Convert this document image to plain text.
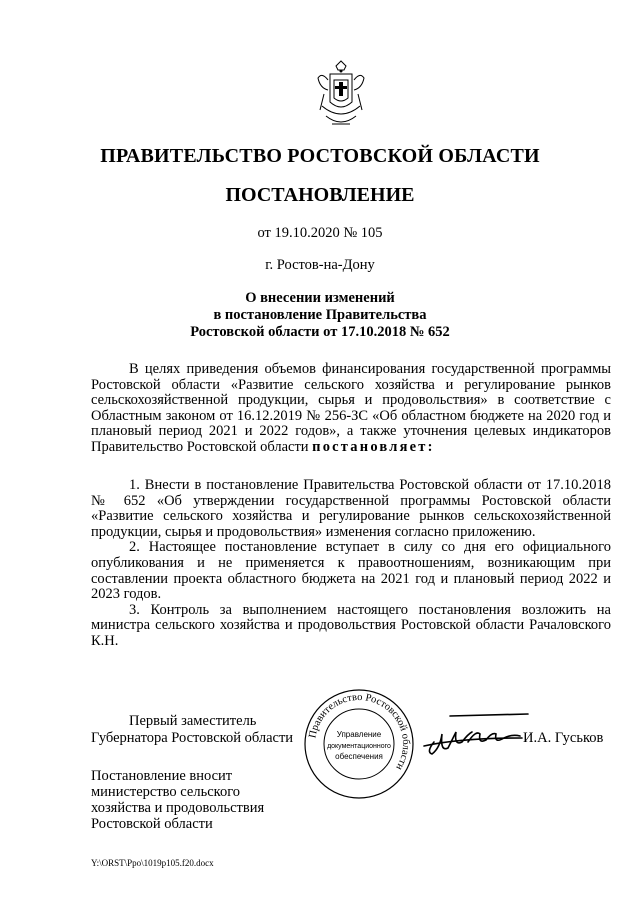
ПРАВИТЕЛЬСТВО РОСТОВСКОЙ ОБЛАСТИ
ПОСТАНОВЛЕНИЕ
от 19.10.2020 № 105
г. Ростов-на-Дону
О внесении изменений
в постановление Правительства
Ростовской области от 17.10.2018 № 652

В целях приведения объемов финансирования государственной программы Ростовской области «Развитие сельского хозяйства и регулирование рынков сельскохозяйственной продукции, сырья и продовольствия» в соответствие с Областным законом от 16.12.2019 № 256-ЗС «Об областном бюджете на 2020 год и плановый период 2021 и 2022 годов», а также уточнения целевых индикаторов Правительство Ростовской области постановляет:

1. Внести в постановление Правительства Ростовской области от 17.10.2018 № 652 «Об утверждении государственной программы Ростовской области «Развитие сельского хозяйства и регулирование рынков сельскохозяйственной продукции, сырья и продовольствия» изменения согласно приложению.

2. Настоящее постановление вступает в силу со дня его официального опубликования и не применяется к правоотношениям, возникающим при составлении проекта областного бюджета на 2021 год и плановый период 2022 и 2023 годов.

3. Контроль за выполнением настоящего постановления возложить на министра сельского хозяйства и продовольствия Ростовской области Рачаловского К.Н.

Первый заместитель
Губернатора Ростовской области Правительство Ростовской области
Управление
документационного
обеспечения
И.А. Гуськов
Постановление вносит
министерство сельского
хозяйства и продовольствия
Ростовской области
Y:\ORST\Ppo\1019p105.f20.docx
